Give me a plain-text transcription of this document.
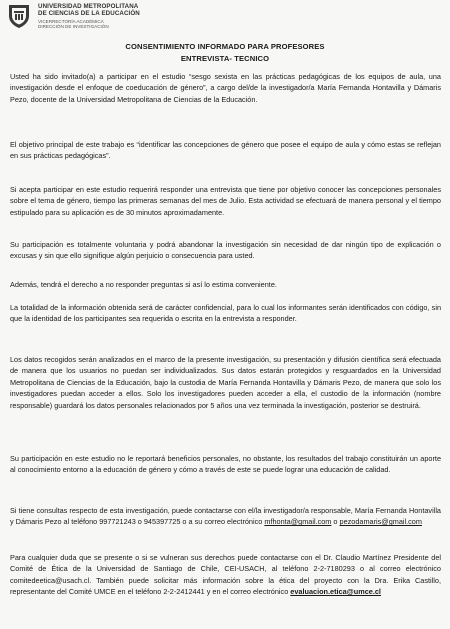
UNIVERSIDAD METROPOLITANA
DE CIENCIAS DE LA EDUCACIÓN
VICERRECTORÍA ACADÉMICA
DIRECCIÓN DE INVESTIGACIÓN
CONSENTIMIENTO INFORMADO PARA PROFESORES
ENTREVISTA- TECNICO

Usted ha sido invitado(a) a participar en el estudio “sesgo sexista en las prácticas pedagógicas de los equipos de aula, una investigación desde el enfoque de coeducación de género”, a cargo del/de la investigador/a María Fernanda Hontavilla y Dámaris Pezo, docente de la Universidad Metropolitana de Ciencias de la Educación.

El objetivo principal de este trabajo es “identificar las concepciones de género que posee el equipo de aula y cómo estas se reflejan en sus prácticas pedagógicas”.

Si acepta participar en este estudio requerirá responder una entrevista que tiene por objetivo conocer las concepciones personales sobre el tema de género, tiempo las primeras semanas del mes de Julio. Esta actividad se efectuará de manera personal y el tiempo estipulado para su aplicación es de 30 minutos aproximadamente.

Su participación es totalmente voluntaria y podrá abandonar la investigación sin necesidad de dar ningún tipo de explicación o excusas y sin que ello signifique algún perjuicio o consecuencia para usted.

Además, tendrá el derecho a no responder preguntas si así lo estima conveniente.

La totalidad de la información obtenida será de carácter confidencial, para lo cual los informantes serán identificados con código, sin que la identidad de los participantes sea requerida o escrita en la entrevista a responder.

Los datos recogidos serán analizados en el marco de la presente investigación, su presentación y difusión científica será efectuada de manera que los usuarios no puedan ser individualizados. Sus datos estarán protegidos y resguardados en la Universidad Metropolitana de Ciencias de la Educación, bajo la custodia de María Fernanda Hontavilla y Dámaris Pezo, de manera que solo los investigadores puedan acceder a ellos. Solo los investigadores pueden acceder a ella, el custodio de la información (nombre responsable) guardará los datos personales relacionados por 5 años una vez terminada la investigación, posterior se destruirá.

Su participación en este estudio no le reportará beneficios personales, no obstante, los resultados del trabajo constituirán un aporte al conocimiento entorno a la educación de género y cómo a través de este se puede lograr una educación de calidad.

Si tiene consultas respecto de esta investigación, puede contactarse con el/la investigador/a responsable, María Fernanda Hontavilla y Dámaris Pezo al teléfono 997721243 o 945397725 o a su correo electrónico mfhonta@gmail.com o pezodamaris@gmail.com

Para cualquier duda que se presente o si se vulneran sus derechos puede contactarse con el Dr. Claudio Martínez Presidente del Comité de Ética de la Universidad de Santiago de Chile, CEI-USACH, al teléfono 2-2-7180293 o al correo electrónico comitedeetica@usach.cl. También puede solicitar más información sobre la ética del proyecto con la Dra. Erika Castillo, representante del Comité UMCE en el teléfono 2-2-2412441 y en el correo electrónico evaluacion.etica@umce.cl
